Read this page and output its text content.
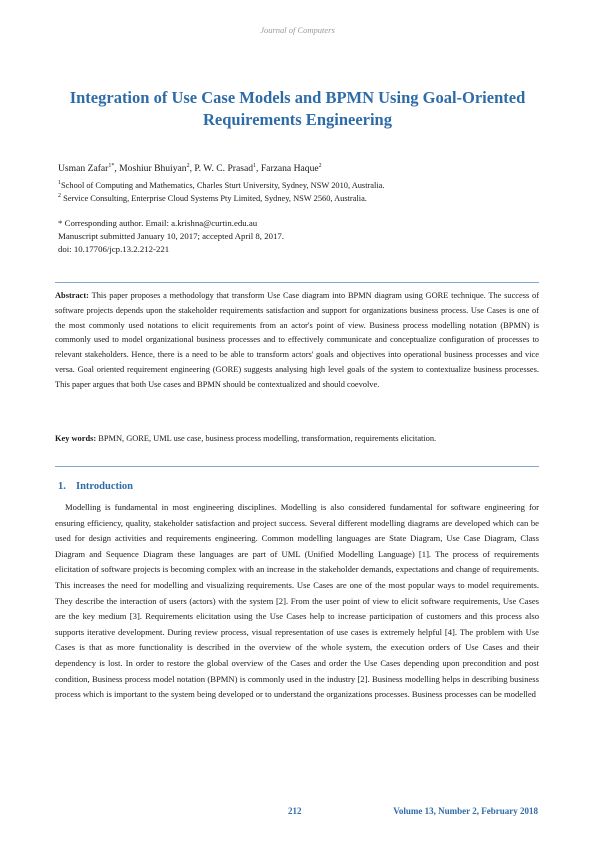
Journal of Computers
Integration of Use Case Models and BPMN Using Goal-Oriented Requirements Engineering
Usman Zafar$^{1*}$, Moshiur Bhuiyan$^2$, P. W. C. Prasad$^1$, Farzana Haque$^2$
$^1$School of Computing and Mathematics, Charles Sturt University, Sydney, NSW 2010, Australia.
$^2$ Service Consulting, Enterprise Cloud Systems Pty Limited, Sydney, NSW 2560, Australia.
* Corresponding author. Email: a.krishna@curtin.edu.au
Manuscript submitted January 10, 2017; accepted April 8, 2017.
doi: 10.17706/jcp.13.2.212-221
Abstract: This paper proposes a methodology that transform Use Case diagram into BPMN diagram using GORE technique. The success of software projects depends upon the stakeholder requirements satisfaction and support for organizations business process. Use Cases is one of the most commonly used notations to elicit requirements from an actor's point of view. Business process modelling notation (BPMN) is commonly used to model organizational business processes and to effectively communicate and conceptualize configuration of processes to relevant stakeholders. Hence, there is a need to be able to transform actors' goals and objectives into operational business processes and vice versa. Goal oriented requirement engineering (GORE) suggests analysing high level goals of the system to contextualize business processes. This paper argues that both Use cases and BPMN should be contextualized and should coevolve.
Key words: BPMN, GORE, UML use case, business process modelling, transformation, requirements elicitation.
1. Introduction
Modelling is fundamental in most engineering disciplines. Modelling is also considered fundamental for software engineering for ensuring efficiency, quality, stakeholder satisfaction and project success. Several different modelling diagrams are developed which can be used for design activities and requirements engineering. Common modelling languages are State Diagram, Use Case Diagram, Class Diagram and Sequence Diagram these languages are part of UML (Unified Modelling Language) [1]. The process of requirements elicitation of software projects is becoming complex with an increase in the stakeholder demands, expectations and change of requirements. This increases the need for modelling and visualizing requirements. Use Cases are one of the most popular ways to model requirements. They describe the interaction of users (actors) with the system [2]. From the user point of view to elicit software requirements, Use Cases are the key medium [3]. Requirements elicitation using the Use Cases help to increase participation of customers and this process also supports iterative development. During review process, visual representation of use cases is extremely helpful [4]. The problem with Use Cases is that as more functionality is described in the overview of the whole system, the execution orders of Use Cases and their dependency is lost. In order to restore the global overview of the Cases and order the Use Cases depending upon precondition and post condition, Business process model notation (BPMN) is commonly used in the industry [2]. Business modelling helps in describing business process which is important to the system being developed or to understand the organizations processes. Business processes can be modelled
212	Volume 13, Number 2, February 2018
